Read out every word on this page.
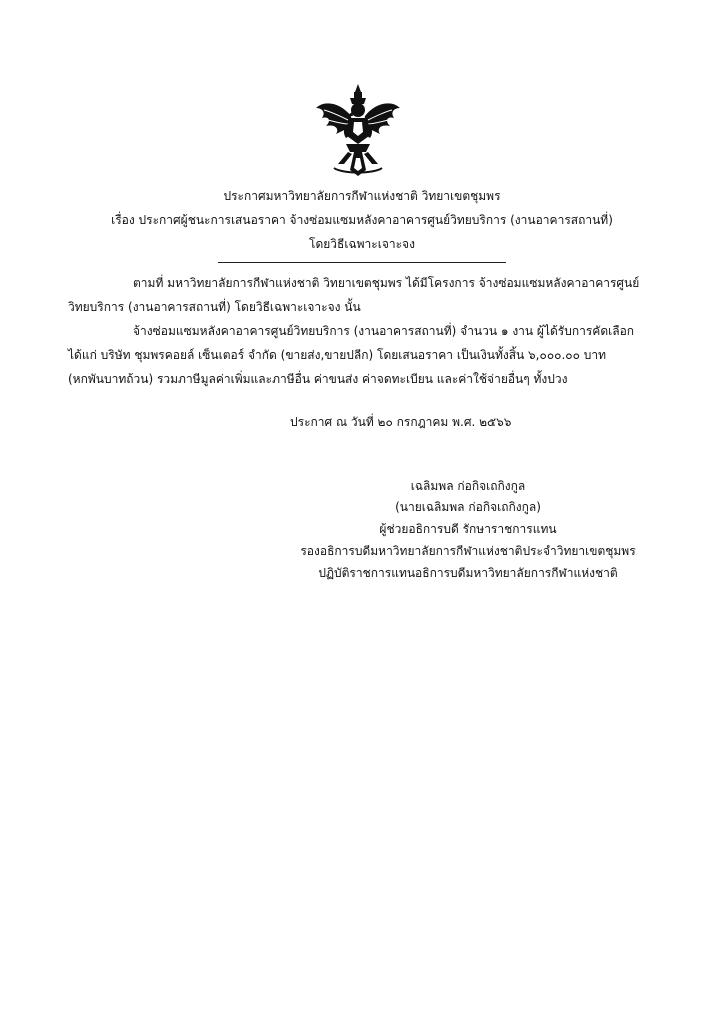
ประกาศมหาวิทยาลัยการกีฬาแห่งชาติ วิทยาเขตชุมพร
เรื่อง ประกาศผู้ชนะการเสนอราคา จ้างซ่อมแซมหลังคาอาคารศูนย์วิทยบริการ (งานอาคารสถานที่)
โดยวิธีเฉพาะเจาะจง
ตามที่ มหาวิทยาลัยการกีฬาแห่งชาติ วิทยาเขตชุมพร ได้มีโครงการ จ้างซ่อมแซมหลังคาอาคารศูนย์
วิทยบริการ (งานอาคารสถานที่) โดยวิธีเฉพาะเจาะจง นั้น
จ้างซ่อมแซมหลังคาอาคารศูนย์วิทยบริการ (งานอาคารสถานที่) จำนวน ๑ งาน ผู้ได้รับการคัดเลือก
ได้แก่ บริษัท ชุมพรคอยล์ เซ็นเตอร์ จำกัด (ขายส่ง,ขายปลีก) โดยเสนอราคา เป็นเงินทั้งสิ้น ๖,๐๐๐.๐๐ บาท
(หกพันบาทถ้วน) รวมภาษีมูลค่าเพิ่มและภาษีอื่น ค่าขนส่ง ค่าจดทะเบียน และค่าใช้จ่ายอื่นๆ ทั้งปวง
ประกาศ ณ วันที่ ๒๐ กรกฎาคม พ.ศ. ๒๕๖๖
เฉลิมพล ก่อกิจเถกิงกูล
(นายเฉลิมพล ก่อกิจเถกิงกูล)
ผู้ช่วยอธิการบดี รักษาราชการแทน
รองอธิการบดีมหาวิทยาลัยการกีฬาแห่งชาติประจำวิทยาเขตชุมพร
ปฏิบัติราชการแทนอธิการบดีมหาวิทยาลัยการกีฬาแห่งชาติ
